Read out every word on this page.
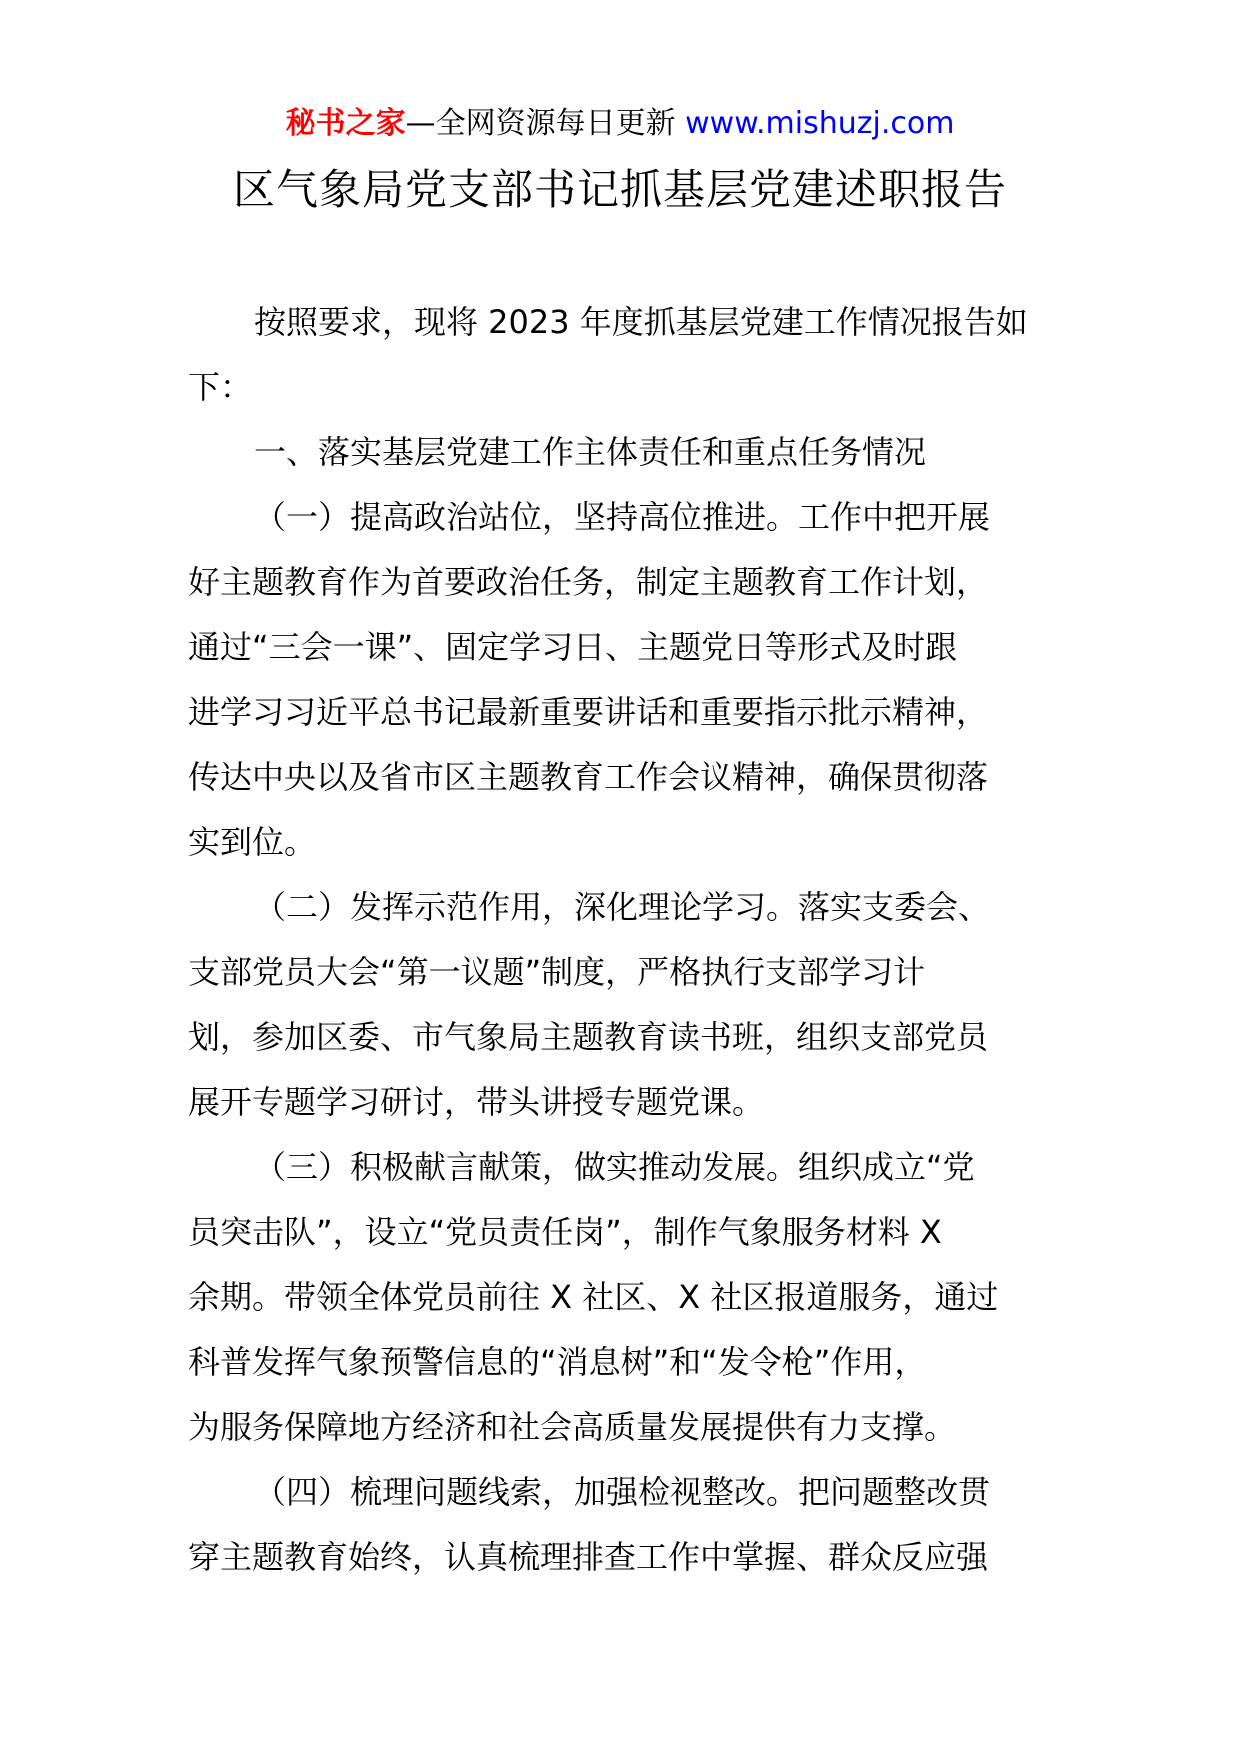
秘书之家—全网资源每日更新 www.mishuzj.com
区气象局党支部书记抓基层党建述职报告
按照要求，现将 2023 年度抓基层党建工作情况报告如
下：
一、落实基层党建工作主体责任和重点任务情况
（一）提高政治站位，坚持高位推进。工作中把开展
好主题教育作为首要政治任务，制定主题教育工作计划，
通过“三会一课”、固定学习日、主题党日等形式及时跟
进学习习近平总书记最新重要讲话和重要指示批示精神，
传达中央以及省市区主题教育工作会议精神，确保贯彻落
实到位。
（二）发挥示范作用，深化理论学习。落实支委会、
支部党员大会“第一议题”制度，严格执行支部学习计
划，参加区委、市气象局主题教育读书班，组织支部党员
展开专题学习研讨，带头讲授专题党课。
（三）积极献言献策，做实推动发展。组织成立“党
员突击队”，设立“党员责任岗”，制作气象服务材料 X
余期。带领全体党员前往 X 社区、X 社区报道服务，通过
科普发挥气象预警信息的“消息树”和“发令枪”作用，
为服务保障地方经济和社会高质量发展提供有力支撑。
（四）梳理问题线索，加强检视整改。把问题整改贯
穿主题教育始终，认真梳理排查工作中掌握、群众反应强
